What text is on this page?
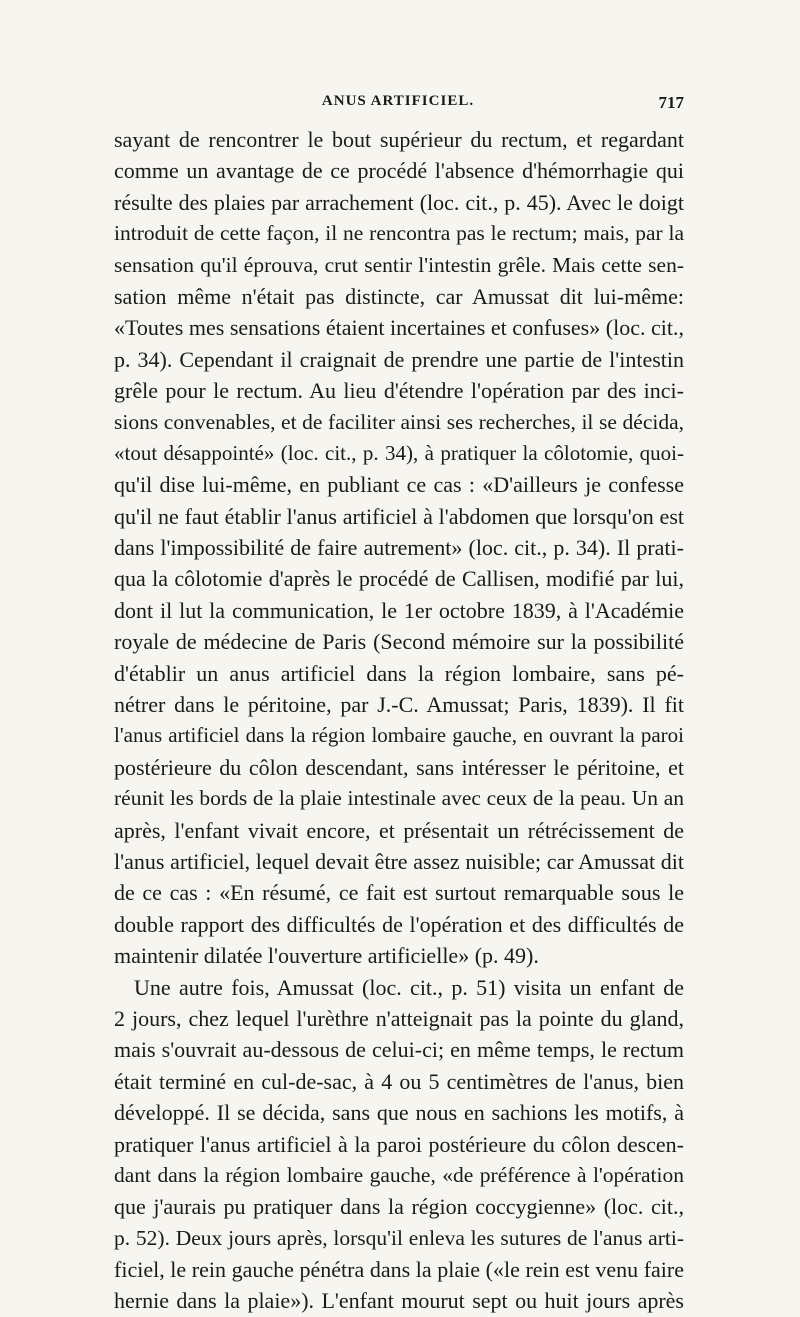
ANUS ARTIFICIEL.	717
sayant de rencontrer le bout supérieur du rectum, et regardant
comme un avantage de ce procédé l'absence d'hémorrhagie qui
résulte des plaies par arrachement (loc. cit., p. 45). Avec le doigt
introduit de cette façon, il ne rencontra pas le rectum; mais, par la
sensation qu'il éprouva, crut sentir l'intestin grêle. Mais cette sen-
sation même n'était pas distincte, car Amussat dit lui-même:
«Toutes mes sensations étaient incertaines et confuses» (loc. cit.,
p. 34). Cependant il craignait de prendre une partie de l'intestin
grêle pour le rectum. Au lieu d'étendre l'opération par des inci-
sions convenables, et de faciliter ainsi ses recherches, il se décida,
«tout désappointé» (loc. cit., p. 34), à pratiquer la côlotomie, quoi-
qu'il dise lui-même, en publiant ce cas : «D'ailleurs je confesse
qu'il ne faut établir l'anus artificiel à l'abdomen que lorsqu'on est
dans l'impossibilité de faire autrement» (loc. cit., p. 34). Il prati-
qua la côlotomie d'après le procédé de Callisen, modifié par lui,
dont il lut la communication, le 1er octobre 1839, à l'Académie
royale de médecine de Paris (Second mémoire sur la possibilité
d'établir un anus artificiel dans la région lombaire, sans pé-
nétrer dans le péritoine, par J.-C. Amussat; Paris, 1839). Il fit
l'anus artificiel dans la région lombaire gauche, en ouvrant la paroi
postérieure du côlon descendant, sans intéresser le péritoine, et
réunit les bords de la plaie intestinale avec ceux de la peau. Un an
après, l'enfant vivait encore, et présentait un rétrécissement de
l'anus artificiel, lequel devait être assez nuisible; car Amussat dit
de ce cas : «En résumé, ce fait est surtout remarquable sous le
double rapport des difficultés de l'opération et des difficultés de
maintenir dilatée l'ouverture artificielle» (p. 49).
Une autre fois, Amussat (loc. cit., p. 51) visita un enfant de
2 jours, chez lequel l'urèthre n'atteignait pas la pointe du gland,
mais s'ouvrait au-dessous de celui-ci; en même temps, le rectum
était terminé en cul-de-sac, à 4 ou 5 centimètres de l'anus, bien
développé. Il se décida, sans que nous en sachions les motifs, à
pratiquer l'anus artificiel à la paroi postérieure du côlon descen-
dant dans la région lombaire gauche, «de préférence à l'opération
que j'aurais pu pratiquer dans la région coccygienne» (loc. cit.,
p. 52). Deux jours après, lorsqu'il enleva les sutures de l'anus arti-
ficiel, le rein gauche pénétra dans la plaie («le rein est venu faire
hernie dans la plaie»). L'enfant mourut sept ou huit jours après
